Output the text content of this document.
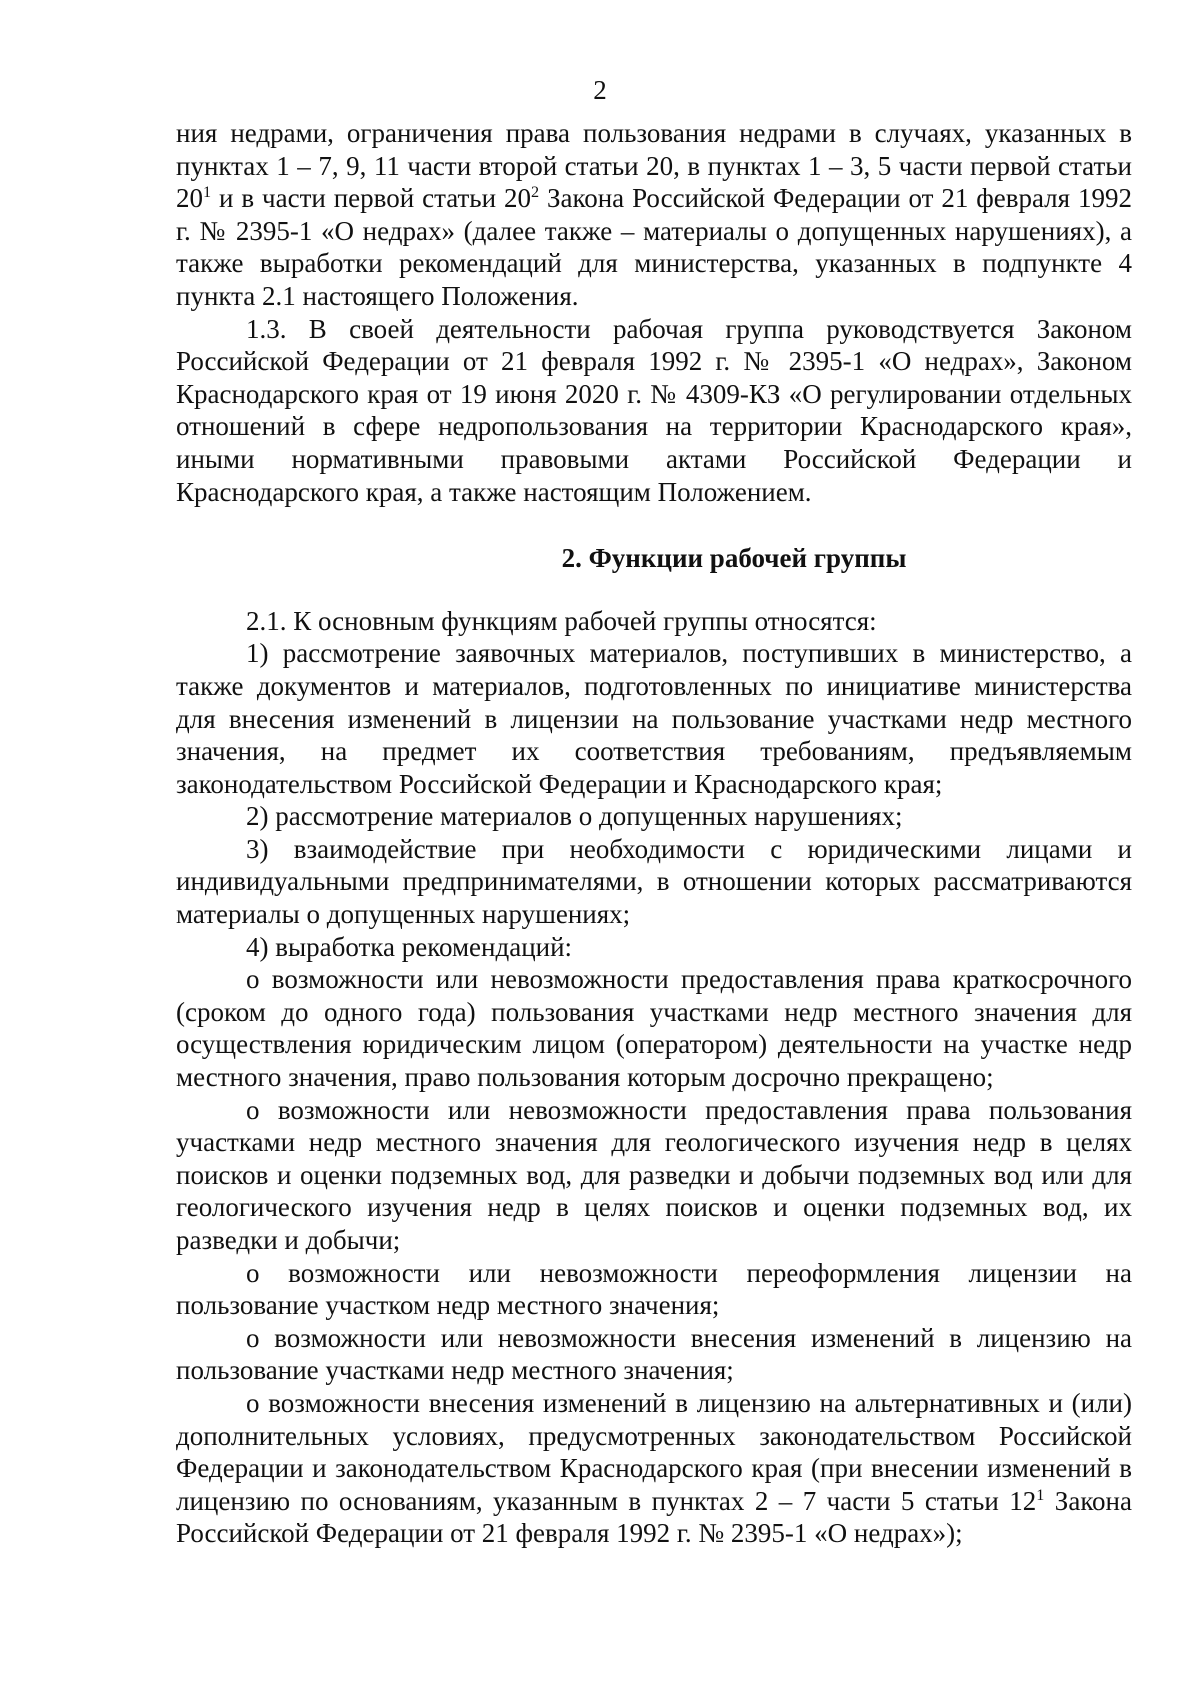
2

ния недрами, ограничения права пользования недрами в случаях, указанных в пунктах 1 – 7, 9, 11 части второй статьи 20, в пунктах 1 – 3, 5 части первой статьи $20^1$ и в части первой статьи $20^2$ Закона Российской Федерации от 21 февраля 1992 г. № 2395-1 «О недрах» (далее также – материалы о допущенных нарушениях), а также выработки рекомендаций для министерства, указанных в подпункте 4 пункта 2.1 настоящего Положения.

1.3. В своей деятельности рабочая группа руководствуется Законом Российской Федерации от 21 февраля 1992 г. № 2395-1 «О недрах», Законом Краснодарского края от 19 июня 2020 г. № 4309-КЗ «О регулировании отдельных отношений в сфере недропользования на территории Краснодарского края», иными нормативными правовыми актами Российской Федерации и Краснодарского края, а также настоящим Положением.

2. Функции рабочей группы

2.1. К основным функциям рабочей группы относятся:

1) рассмотрение заявочных материалов, поступивших в министерство, а также документов и материалов, подготовленных по инициативе министерства для внесения изменений в лицензии на пользование участками недр местного значения, на предмет их соответствия требованиям, предъявляемым законодательством Российской Федерации и Краснодарского края;

2) рассмотрение материалов о допущенных нарушениях;

3) взаимодействие при необходимости с юридическими лицами и индивидуальными предпринимателями, в отношении которых рассматриваются материалы о допущенных нарушениях;

4) выработка рекомендаций:

о возможности или невозможности предоставления права краткосрочного (сроком до одного года) пользования участками недр местного значения для осуществления юридическим лицом (оператором) деятельности на участке недр местного значения, право пользования которым досрочно прекращено;

о возможности или невозможности предоставления права пользования участками недр местного значения для геологического изучения недр в целях поисков и оценки подземных вод, для разведки и добычи подземных вод или для геологического изучения недр в целях поисков и оценки подземных вод, их разведки и добычи;

о возможности или невозможности переоформления лицензии на пользование участком недр местного значения;

о возможности или невозможности внесения изменений в лицензию на пользование участками недр местного значения;

о возможности внесения изменений в лицензию на альтернативных и (или) дополнительных условиях, предусмотренных законодательством Российской Федерации и законодательством Краснодарского края (при внесении изменений в лицензию по основаниям, указанным в пунктах 2 – 7 части 5 статьи $12^1$ Закона Российской Федерации от 21 февраля 1992 г. № 2395-1 «О недрах»);
